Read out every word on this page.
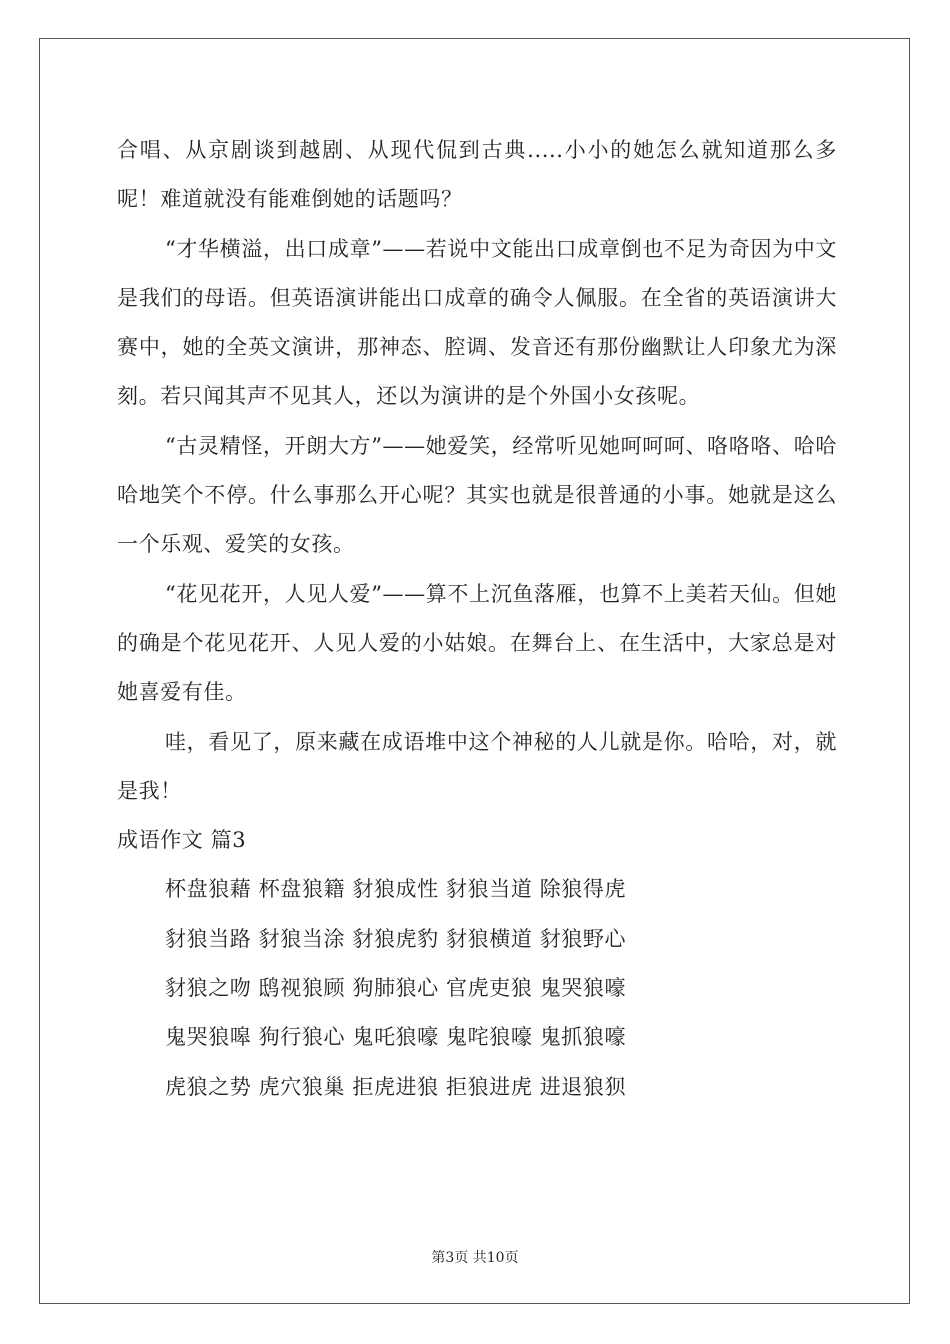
合唱、从京剧谈到越剧、从现代侃到古典.....小小的她怎么就知道那么多呢！难道就没有能难倒她的话题吗？

“才华横溢，出口成章”——若说中文能出口成章倒也不足为奇因为中文是我们的母语。但英语演讲能出口成章的确令人佩服。在全省的英语演讲大赛中，她的全英文演讲，那神态、腔调、发音还有那份幽默让人印象尤为深刻。若只闻其声不见其人，还以为演讲的是个外国小女孩呢。

“古灵精怪，开朗大方”——她爱笑，经常听见她呵呵呵、咯咯咯、哈哈哈地笑个不停。什么事那么开心呢？其实也就是很普通的小事。她就是这么一个乐观、爱笑的女孩。

“花见花开，人见人爱”——算不上沉鱼落雁，也算不上美若天仙。但她的确是个花见花开、人见人爱的小姑娘。在舞台上、在生活中，大家总是对她喜爱有佳。

哇，看见了，原来藏在成语堆中这个神秘的人儿就是你。哈哈，对，就是我！

成语作文 篇3

杯盘狼藉 杯盘狼籍 豺狼成性 豺狼当道 除狼得虎
豺狼当路 豺狼当涂 豺狼虎豹 豺狼横道 豺狼野心
豺狼之吻 鸱视狼顾 狗肺狼心 官虎吏狼 鬼哭狼嚎
鬼哭狼嗥 狗行狼心 鬼吒狼嚎 鬼咤狼嚎 鬼抓狼嚎
虎狼之势 虎穴狼巢 拒虎进狼 拒狼进虎 进退狼狈
第3页 共10页
